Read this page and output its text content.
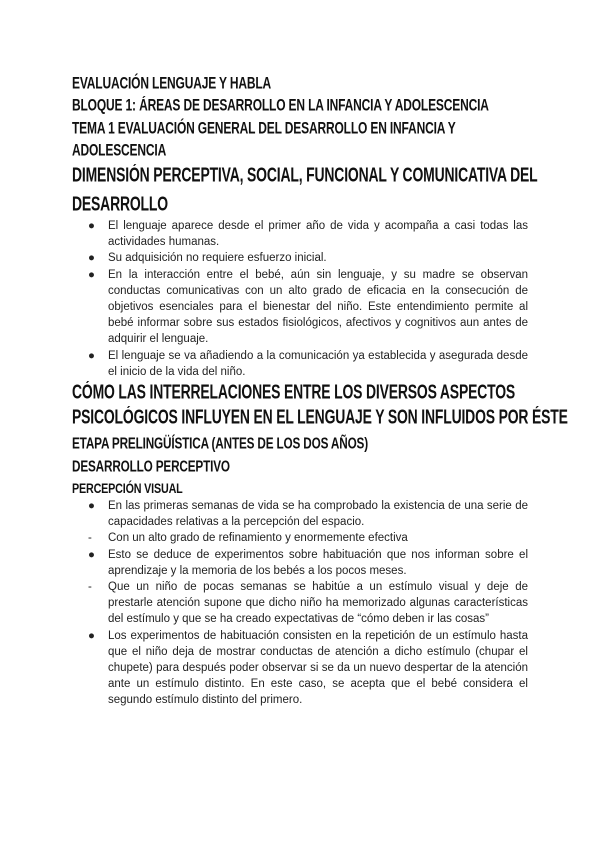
EVALUACIÓN LENGUAJE Y HABLA
BLOQUE 1: ÁREAS DE DESARROLLO EN LA INFANCIA Y ADOLESCENCIA
TEMA 1 EVALUACIÓN GENERAL DEL DESARROLLO EN INFANCIA Y
ADOLESCENCIA
DIMENSIÓN PERCEPTIVA, SOCIAL, FUNCIONAL Y COMUNICATIVA DEL
DESARROLLO
●	El lenguaje aparece desde el primer año de vida y acompaña a casi todas las actividades humanas.
●	Su adquisición no requiere esfuerzo inicial.
●	En la interacción entre el bebé, aún sin lenguaje, y su madre se observan conductas comunicativas con un alto grado de eficacia en la consecución de objetivos esenciales para el bienestar del niño. Este entendimiento permite al bebé informar sobre sus estados fisiológicos, afectivos y cognitivos aun antes de adquirir el lenguaje.
●	El lenguaje se va añadiendo a la comunicación ya establecida y asegurada desde el inicio de la vida del niño.
CÓMO LAS INTERRELACIONES ENTRE LOS DIVERSOS ASPECTOS
PSICOLÓGICOS INFLUYEN EN EL LENGUAJE Y SON INFLUIDOS POR ÉSTE
ETAPA PRELINGÜÍSTICA (ANTES DE LOS DOS AÑOS)
DESARROLLO PERCEPTIVO
PERCEPCIÓN VISUAL
●	En las primeras semanas de vida se ha comprobado la existencia de una serie de capacidades relativas a la percepción del espacio.
-	Con un alto grado de refinamiento y enormemente efectiva
●	Esto se deduce de experimentos sobre habituación que nos informan sobre el aprendizaje y la memoria de los bebés a los pocos meses.
-	Que un niño de pocas semanas se habitúe a un estímulo visual y deje de prestarle atención supone que dicho niño ha memorizado algunas características del estímulo y que se ha creado expectativas de “cómo deben ir las cosas”
●	Los experimentos de habituación consisten en la repetición de un estímulo hasta que el niño deja de mostrar conductas de atención a dicho estímulo (chupar el chupete) para después poder observar si se da un nuevo despertar de la atención ante un estímulo distinto. En este caso, se acepta que el bebé considera el segundo estímulo distinto del primero.
